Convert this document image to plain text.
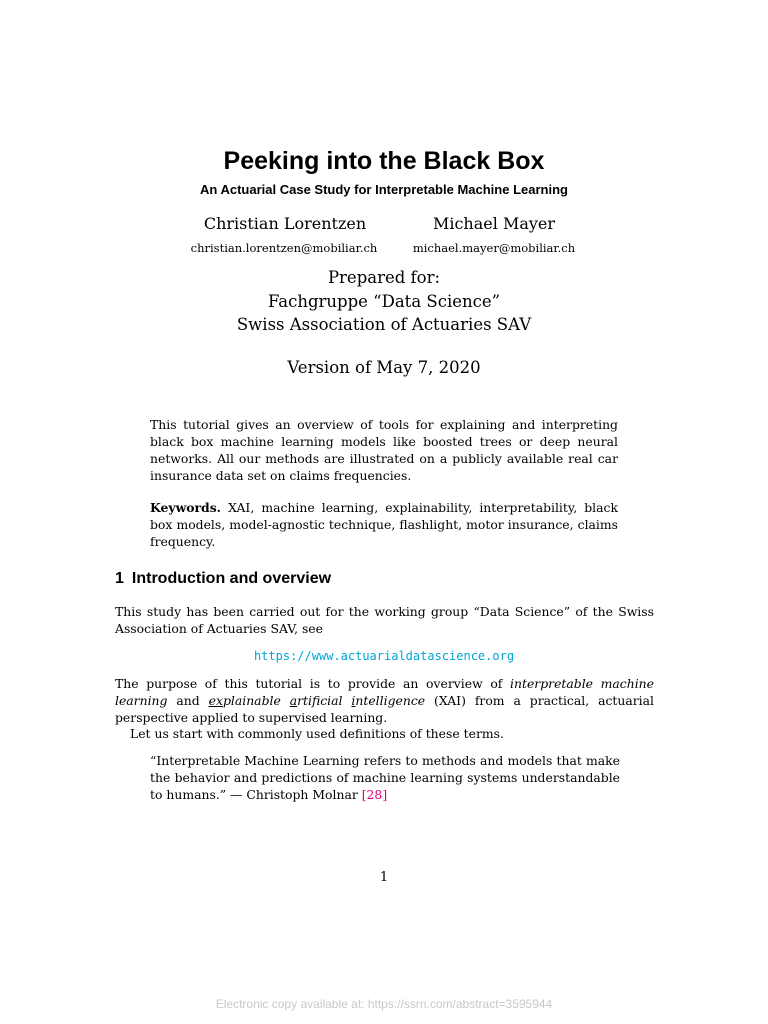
Peeking into the Black Box
An Actuarial Case Study for Interpretable Machine Learning
Christian Lorentzen	Michael Mayer
christian.lorentzen@mobiliar.ch	michael.mayer@mobiliar.ch
Prepared for:
Fachgruppe “Data Science”
Swiss Association of Actuaries SAV
Version of May 7, 2020
This tutorial gives an overview of tools for explaining and interpreting black box machine learning models like boosted trees or deep neural networks. All our methods are illustrated on a publicly available real car insurance data set on claims frequencies.
Keywords. XAI, machine learning, explainability, interpretability, black box models, model-agnostic technique, flashlight, motor insurance, claims frequency.
1 Introduction and overview
This study has been carried out for the working group “Data Science” of the Swiss Association of Actuaries SAV, see
https://www.actuarialdatascience.org
The purpose of this tutorial is to provide an overview of interpretable machine learning and explainable artificial intelligence (XAI) from a practical, actuarial perspective applied to supervised learning.
Let us start with commonly used definitions of these terms.
“Interpretable Machine Learning refers to methods and models that make the behavior and predictions of machine learning systems understandable to humans.” — Christoph Molnar [28]
1
Electronic copy available at: https://ssrn.com/abstract=3595944
